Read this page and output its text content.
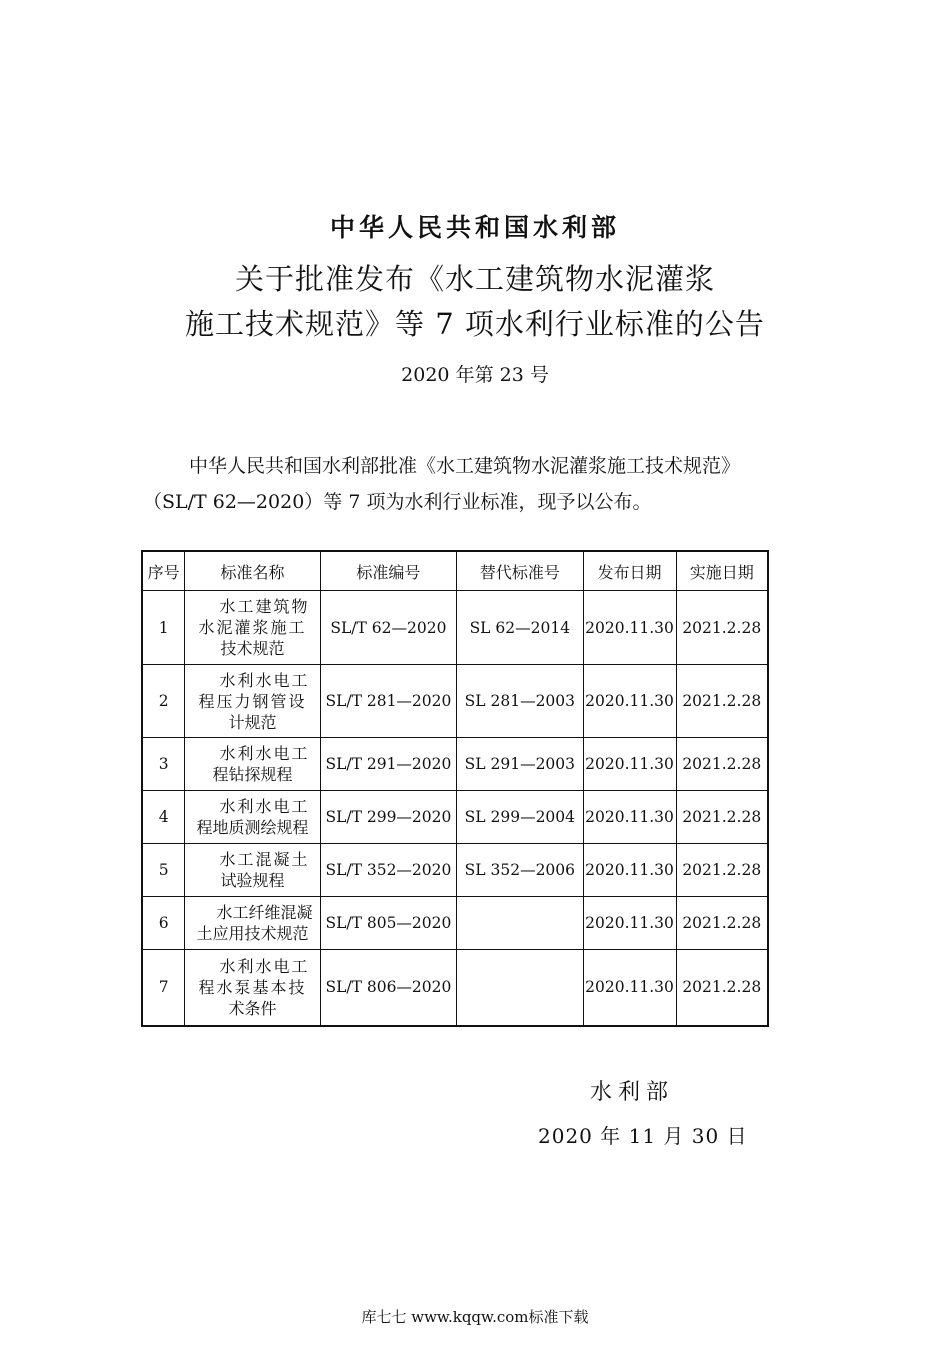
中华人民共和国水利部
关于批准发布《水工建筑物水泥灌浆
施工技术规范》等 7 项水利行业标准的公告
2020 年第 23 号
中华人民共和国水利部批准《水工建筑物水泥灌浆施工技术规范》（SL/T 62—2020）等 7 项为水利行业标准，现予以公布。
序号	标准名称	标准编号	替代标准号	发布日期	实施日期
1	水工建筑物
水泥灌浆施工
技术规范	SL/T 62—2020	SL 62—2014	2020.11.30	2021.2.28
2	水利水电工
程压力钢管设
计规范	SL/T 281—2020	SL 281—2003	2020.11.30	2021.2.28
3	水利水电工
程钻探规程	SL/T 291—2020	SL 291—2003	2020.11.30	2021.2.28
4	水利水电工
程地质测绘规程	SL/T 299—2020	SL 299—2004	2020.11.30	2021.2.28
5	水工混凝土
试验规程	SL/T 352—2020	SL 352—2006	2020.11.30	2021.2.28
6	水工纤维混凝
土应用技术规范	SL/T 805—2020		2020.11.30	2021.2.28
7	水利水电工
程水泵基本技
术条件	SL/T 806—2020		2020.11.30	2021.2.28
水利部
2020 年 11 月 30 日
库七七 www.kqqw.com标准下载
